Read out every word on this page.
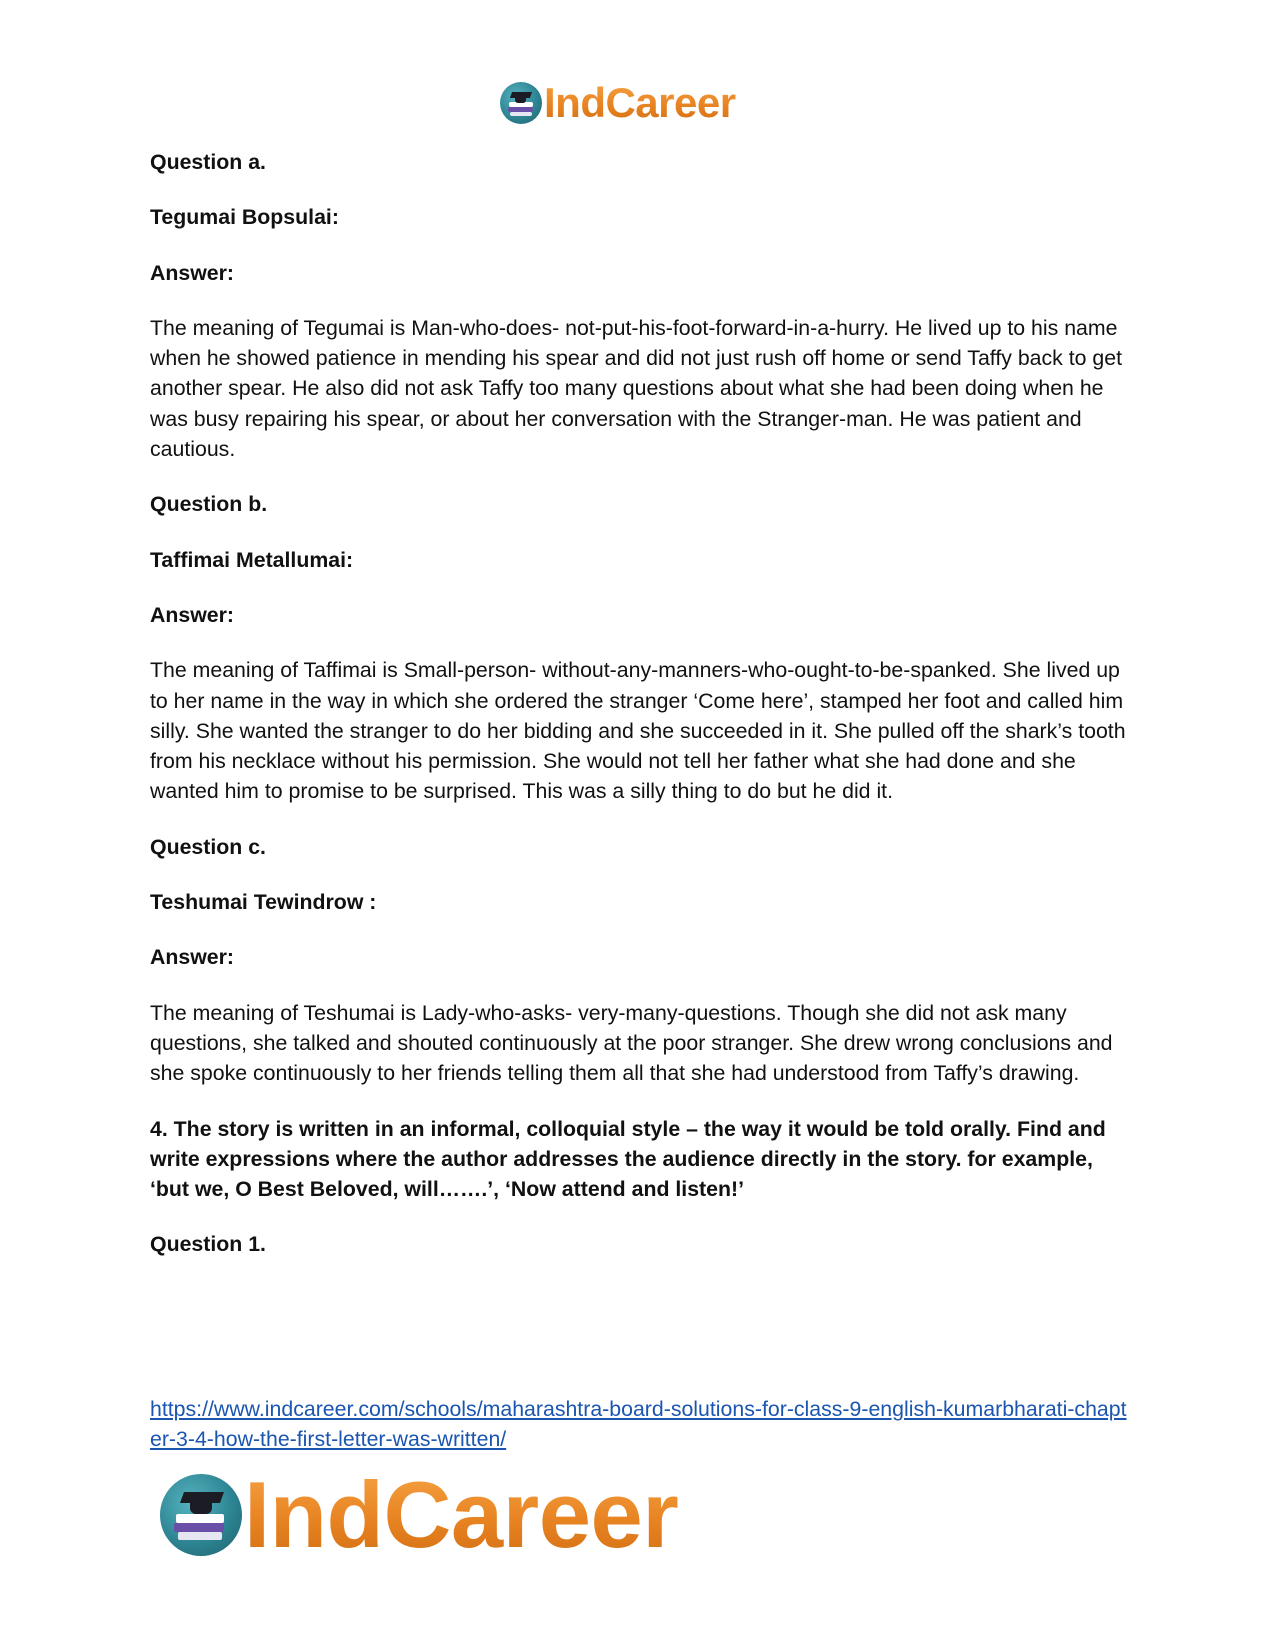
IndCareer

Question a.

Tegumai Bopsulai:

Answer:

The meaning of Tegumai is Man-who-does- not-put-his-foot-forward-in-a-hurry. He lived up to his name when he showed patience in mending his spear and did not just rush off home or send Taffy back to get another spear. He also did not ask Taffy too many questions about what she had been doing when he was busy repairing his spear, or about her conversation with the Stranger-man. He was patient and cautious.

Question b.

Taffimai Metallumai:

Answer:

The meaning of Taffimai is Small-person- without-any-manners-who-ought-to-be-spanked. She lived up to her name in the way in which she ordered the stranger ‘Come here’, stamped her foot and called him silly. She wanted the stranger to do her bidding and she succeeded in it. She pulled off the shark’s tooth from his necklace without his permission. She would not tell her father what she had done and she wanted him to promise to be surprised. This was a silly thing to do but he did it.

Question c.

Teshumai Tewindrow :

Answer:

The meaning of Teshumai is Lady-who-asks- very-many-questions. Though she did not ask many questions, she talked and shouted continuously at the poor stranger. She drew wrong conclusions and she spoke continuously to her friends telling them all that she had understood from Taffy’s drawing.

4. The story is written in an informal, colloquial style – the way it would be told orally. Find and write expressions where the author addresses the audience directly in the story. for example, ‘but we, O Best Beloved, will…….’, ‘Now attend and listen!’

Question 1.

https://www.indcareer.com/schools/maharashtra-board-solutions-for-class-9-english-kumarbharati-chapter-3-4-how-the-first-letter-was-written/
IndCareer
